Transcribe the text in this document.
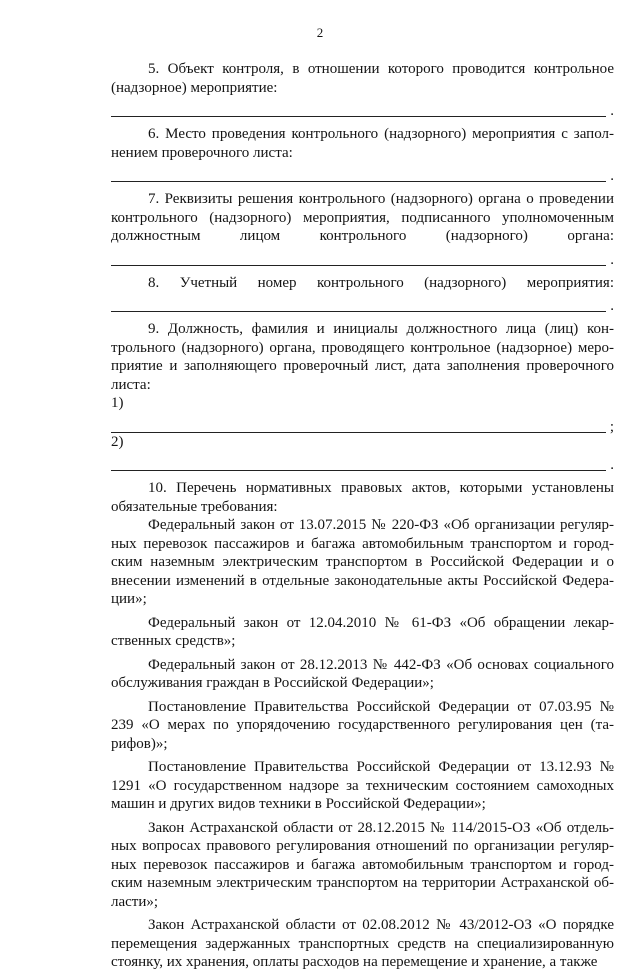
2

5. Объект контроля, в отношении которого проводится контрольное (надзорное) мероприятие:

.

6. Место проведения контрольного (надзорного) мероприятия с заполнением проверочного листа:

.

7. Реквизиты решения контрольного (надзорного) органа о проведении контрольного (надзорного) мероприятия, подписанного уполномоченным должностным лицом контрольного (надзорного) органа:

.

8. Учетный номер контрольного (надзорного) мероприятия:

.

9. Должность, фамилия и инициалы должностного лица (лиц) контрольного (надзорного) органа, проводящего контрольное (надзорное) мероприятие и заполняющего проверочный лист, дата заполнения проверочного листа:

1)
;
2)
.

10. Перечень нормативных правовых актов, которыми установлены обязательные требования:

Федеральный закон от 13.07.2015 № 220-ФЗ «Об организации регулярных перевозок пассажиров и багажа автомобильным транспортом и городским наземным электрическим транспортом в Российской Федерации и о внесении изменений в отдельные законодательные акты Российской Федерации»;

Федеральный закон от 12.04.2010 № 61-ФЗ «Об обращении лекарственных средств»;

Федеральный закон от 28.12.2013 № 442-ФЗ «Об основах социального обслуживания граждан в Российской Федерации»;

Постановление Правительства Российской Федерации от 07.03.95 № 239 «О мерах по упорядочению государственного регулирования цен (тарифов)»;

Постановление Правительства Российской Федерации от 13.12.93 № 1291 «О государственном надзоре за техническим состоянием самоходных машин и других видов техники в Российской Федерации»;

Закон Астраханской области от 28.12.2015 № 114/2015-ОЗ «Об отдельных вопросах правового регулирования отношений по организации регулярных перевозок пассажиров и багажа автомобильным транспортом и городским наземным электрическим транспортом на территории Астраханской области»;

Закон Астраханской области от 02.08.2012 № 43/2012-ОЗ «О порядке перемещения задержанных транспортных средств на специализированную стоянку, их хранения, оплаты расходов на перемещение и хранение, а также
